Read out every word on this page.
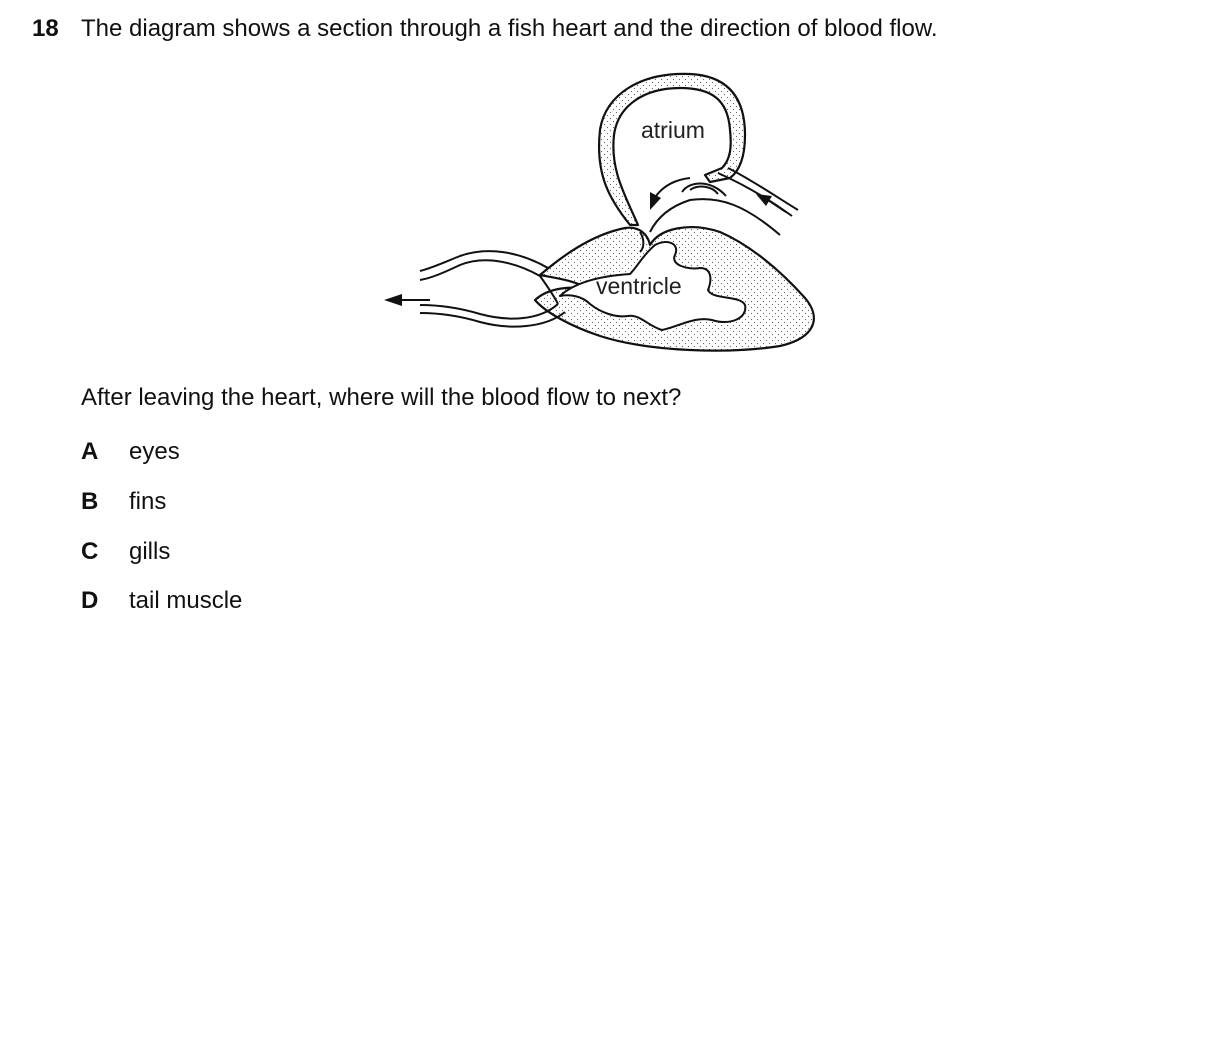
18 The diagram shows a section through a fish heart and the direction of blood flow.
atrium
ventricle
After leaving the heart, where will the blood flow to next?
A eyes
B fins
C gills
D tail muscle
